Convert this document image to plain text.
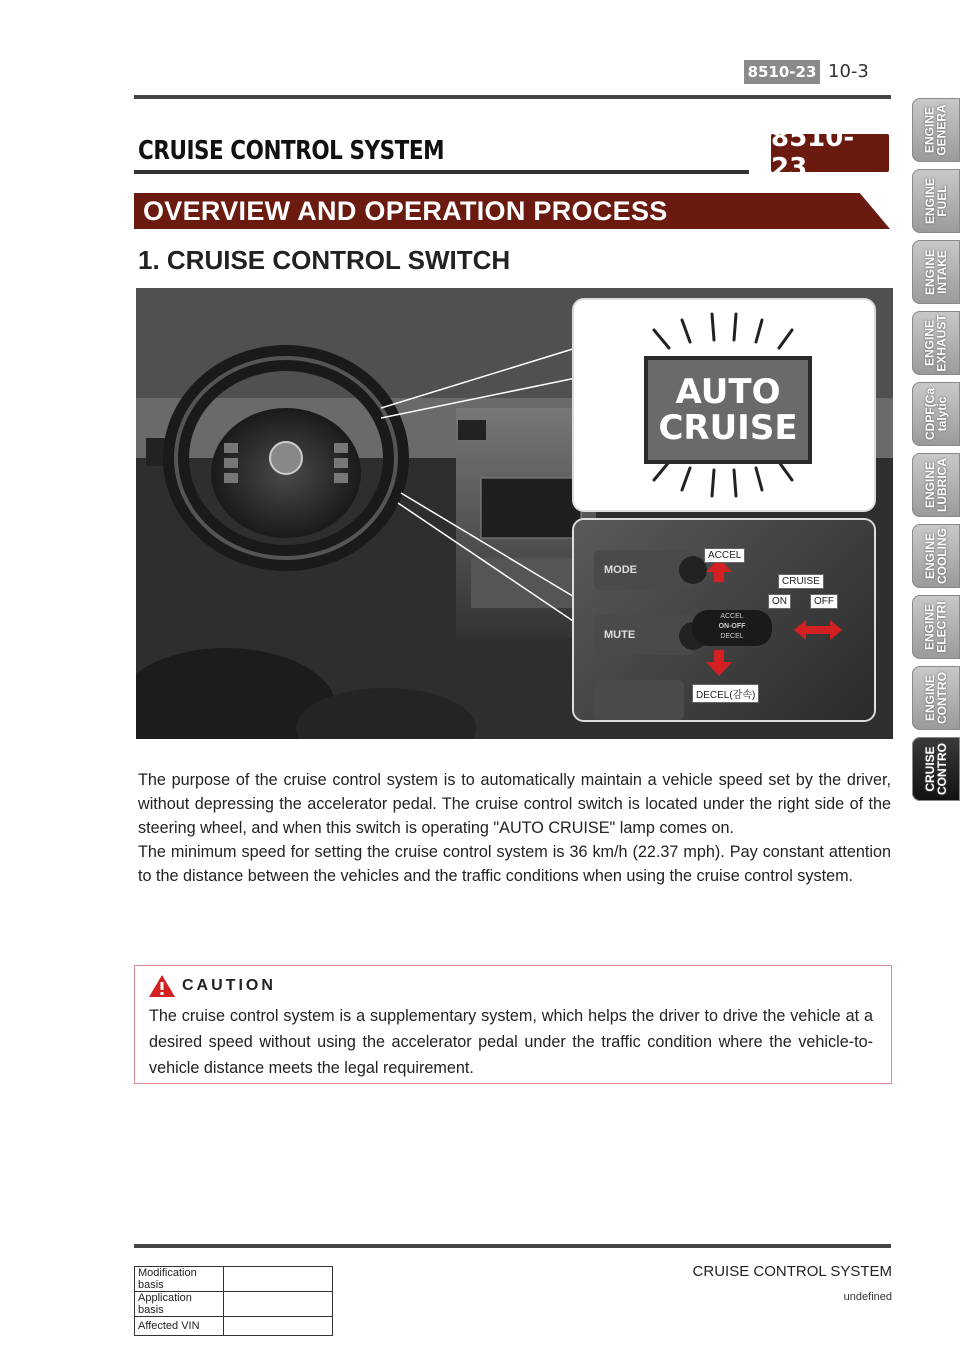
8510-23 10-3
CRUISE CONTROL SYSTEM	8510-23
OVERVIEW AND OPERATION PROCESS
1. CRUISE CONTROL SWITCH
AUTO
CRUISE
MODE
MUTE
ACCEL
ON-OFF
DECEL
ACCEL
CRUISE
ON	OFF
DECEL(감속)

The purpose of the cruise control system is to automatically maintain a vehicle speed set by the driver, without depressing the accelerator pedal. The cruise control switch is located under the right side of the steering wheel, and when this switch is operating "AUTO CRUISE" lamp comes on.

The minimum speed for setting the cruise control system is 36 km/h (22.37 mph). Pay constant attention to the distance between the vehicles and the traffic conditions when using the cruise control system.

CAUTION
The cruise control system is a supplementary system, which helps the driver to drive the vehicle at a desired speed without using the accelerator pedal under the traffic condition where the vehicle-to-vehicle distance meets the legal requirement.
CRUISE CONTROL SYSTEM
undefined
Modification basis	
Application basis	
Affected VIN	
ENGINE
GENERA
ENGINE
FUEL
ENGINE
INTAKE
ENGINE
EXHAUST
CDPF(Ca
talytic
ENGINE
LUBRICA
ENGINE
COOLING
ENGINE
ELECTRI
ENGINE
CONTRO
CRUISE
CONTRO
